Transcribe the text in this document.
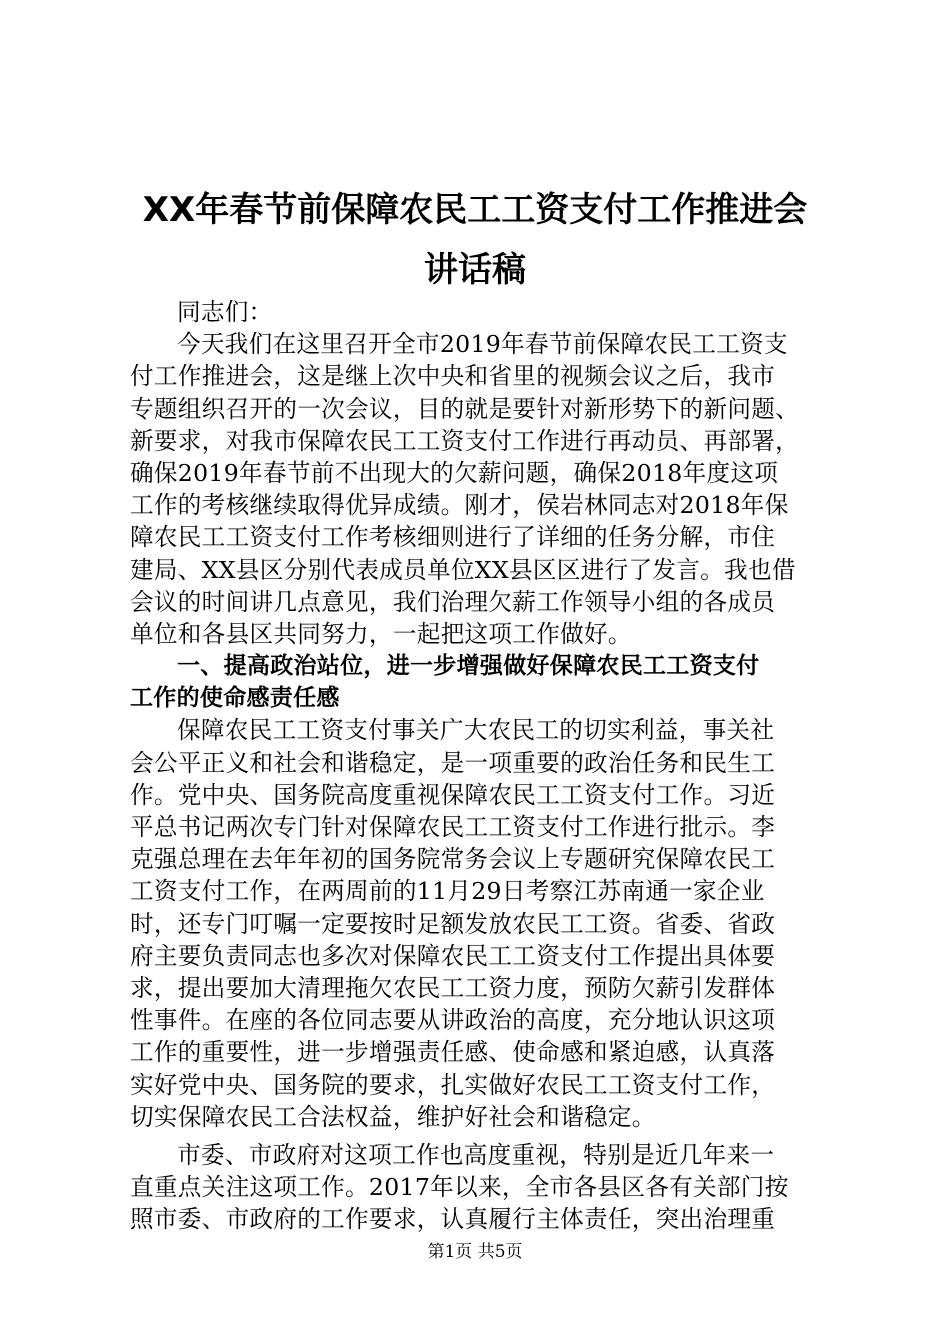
XX年春节前保障农民工工资支付工作推进会
讲话稿
同志们：
今天我们在这里召开全市2019年春节前保障农民工工资支
付工作推进会，这是继上次中央和省里的视频会议之后，我市
专题组织召开的一次会议，目的就是要针对新形势下的新问题、
新要求，对我市保障农民工工资支付工作进行再动员、再部署，
确保2019年春节前不出现大的欠薪问题，确保2018年度这项
工作的考核继续取得优异成绩。刚才，侯岩林同志对2018年保
障农民工工资支付工作考核细则进行了详细的任务分解，市住
建局、XX县区分别代表成员单位XX县区区进行了发言。我也借
会议的时间讲几点意见，我们治理欠薪工作领导小组的各成员
单位和各县区共同努力，一起把这项工作做好。
一、提高政治站位，进一步增强做好保障农民工工资支付
工作的使命感责任感
保障农民工工资支付事关广大农民工的切实利益，事关社
会公平正义和社会和谐稳定，是一项重要的政治任务和民生工
作。党中央、国务院高度重视保障农民工工资支付工作。习近
平总书记两次专门针对保障农民工工资支付工作进行批示。李
克强总理在去年年初的国务院常务会议上专题研究保障农民工
工资支付工作，在两周前的11月29日考察江苏南通一家企业
时，还专门叮嘱一定要按时足额发放农民工工资。省委、省政
府主要负责同志也多次对保障农民工工资支付工作提出具体要
求，提出要加大清理拖欠农民工工资力度，预防欠薪引发群体
性事件。在座的各位同志要从讲政治的高度，充分地认识这项
工作的重要性，进一步增强责任感、使命感和紧迫感，认真落
实好党中央、国务院的要求，扎实做好农民工工资支付工作，
切实保障农民工合法权益，维护好社会和谐稳定。
市委、市政府对这项工作也高度重视，特别是近几年来一
直重点关注这项工作。2017年以来，全市各县区各有关部门按
照市委、市政府的工作要求，认真履行主体责任，突出治理重
第1页 共5页
